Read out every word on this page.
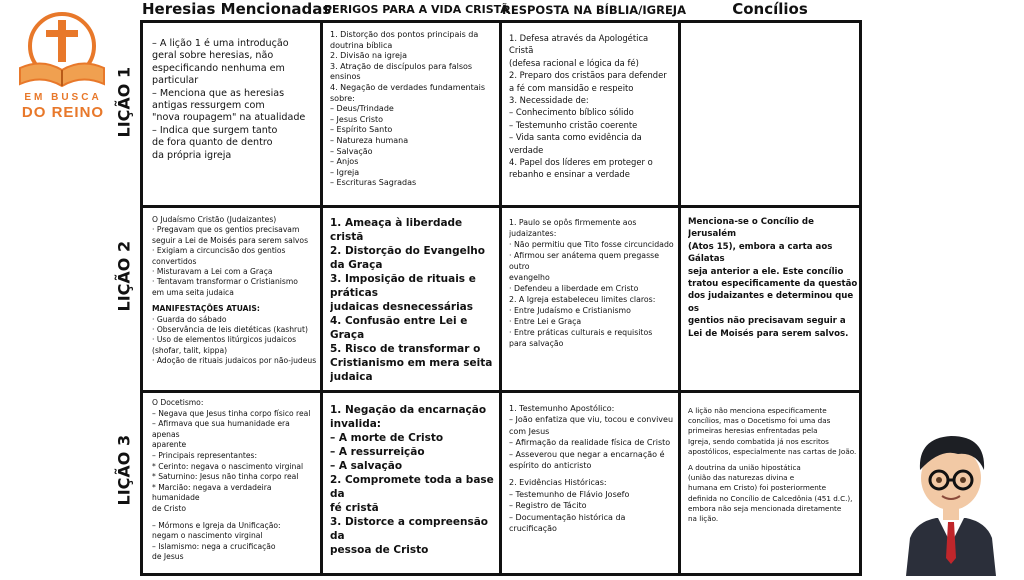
EM BUSCA
DO REINO
Heresias Mencionadas
PERIGOS PARA A VIDA CRISTÃ
RESPOSTA NA BÍBLIA/IGREJA	Concílios
LIÇÃO 1
LIÇÃO 2
LIÇÃO 3

– A lição 1 é uma introdução

geral sobre heresias, não

especificando nenhuma em particular

– Menciona que as heresias

antigas ressurgem com

"nova roupagem" na atualidade

– Indica que surgem tanto

de fora quanto de dentro

da própria igreja

1. Distorção dos pontos principais da

doutrina bíblica

2. Divisão na igreja

3. Atração de discípulos para falsos ensinos

4. Negação de verdades fundamentais sobre:

– Deus/Trindade

– Jesus Cristo

– Espírito Santo

– Natureza humana

– Salvação

– Anjos

– Igreja

– Escrituras Sagradas

1. Defesa através da Apologética Cristã

(defesa racional e lógica da fé)

2. Preparo dos cristãos para defender

a fé com mansidão e respeito

3. Necessidade de:

– Conhecimento bíblico sólido

– Testemunho cristão coerente

– Vida santa como evidência da verdade

4. Papel dos líderes em proteger o

rebanho e ensinar a verdade

O Judaísmo Cristão (Judaizantes)

· Pregavam que os gentios precisavam

seguir a Lei de Moisés para serem salvos

· Exigiam a circuncisão dos gentios

convertidos

· Misturavam a Lei com a Graça

· Tentavam transformar o Cristianismo

em uma seita judaica

MANIFESTAÇÕES ATUAIS:

· Guarda do sábado

· Observância de leis dietéticas (kashrut)

· Uso de elementos litúrgicos judaicos

(shofar, talit, kippa)

· Adoção de rituais judaicos por não-judeus

1. Ameaça à liberdade cristã

2. Distorção do Evangelho da Graça

3. Imposição de rituais e práticas

judaicas desnecessárias

4. Confusão entre Lei e Graça

5. Risco de transformar o

Cristianismo em mera seita judaica

1. Paulo se opôs firmemente aos judaizantes:

· Não permitiu que Tito fosse circuncidado

· Afirmou ser anátema quem pregasse outro

evangelho

· Defendeu a liberdade em Cristo

2. A Igreja estabeleceu limites claros:

· Entre Judaísmo e Cristianismo

· Entre Lei e Graça

· Entre práticas culturais e requisitos

para salvação

Menciona-se o Concílio de Jerusalém

(Atos 15), embora a carta aos Gálatas

seja anterior a ele. Este concílio

tratou especificamente da questão

dos judaizantes e determinou que os

gentios não precisavam seguir a

Lei de Moisés para serem salvos.

O Docetismo:

– Negava que Jesus tinha corpo físico real

– Afirmava que sua humanidade era apenas

aparente

– Principais representantes:

* Cerinto: negava o nascimento virginal

* Saturnino: Jesus não tinha corpo real

* Marcião: negava a verdadeira humanidade

de Cristo

– Mórmons e Igreja da Unificação:

negam o nascimento virginal

– Islamismo: nega a crucificação

de Jesus

1. Negação da encarnação invalida:

– A morte de Cristo

– A ressurreição

– A salvação

2. Compromete toda a base da

fé cristã

3. Distorce a compreensão da

pessoa de Cristo

1. Testemunho Apostólico:

– João enfatiza que viu, tocou e conviveu

com Jesus

– Afirmação da realidade física de Cristo

– Asseverou que negar a encarnação é

espírito do anticristo

2. Evidências Históricas:

– Testemunho de Flávio Josefo

– Registro de Tácito

– Documentação histórica da crucificação

A lição não menciona especificamente

concílios, mas o Docetismo foi uma das

primeiras heresias enfrentadas pela

Igreja, sendo combatida já nos escritos

apostólicos, especialmente nas cartas de João.

A doutrina da união hipostática

(união das naturezas divina e

humana em Cristo) foi posteriormente

definida no Concílio de Calcedônia (451 d.C.),

embora não seja mencionada diretamente

na lição.
